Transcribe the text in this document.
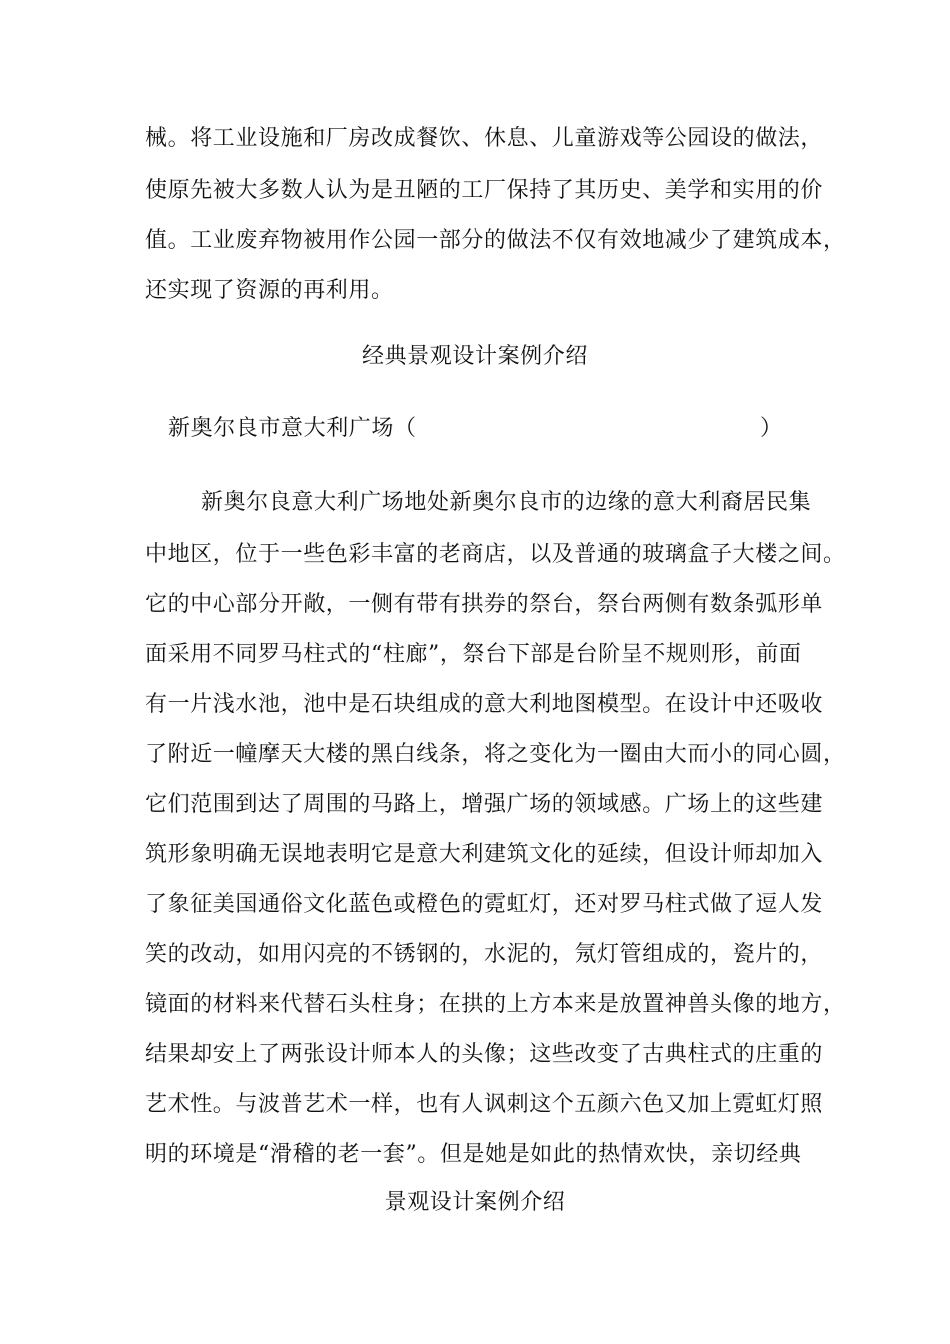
械。将工业设施和厂房改成餐饮、休息、儿童游戏等公园设的做法，
使原先被大多数人认为是丑陋的工厂保持了其历史、美学和实用的价
值。工业废弃物被用作公园一部分的做法不仅有效地减少了建筑成本，
还实现了资源的再利用。
经典景观设计案例介绍
新奥尔良市意大利广场（	）
新奥尔良意大利广场地处新奥尔良市的边缘的意大利裔居民集
中地区，位于一些色彩丰富的老商店，以及普通的玻璃盒子大楼之间。
它的中心部分开敞，一侧有带有拱券的祭台，祭台两侧有数条弧形单
面采用不同罗马柱式的“柱廊”，祭台下部是台阶呈不规则形，前面
有一片浅水池，池中是石块组成的意大利地图模型。在设计中还吸收
了附近一幢摩天大楼的黑白线条，将之变化为一圈由大而小的同心圆，
它们范围到达了周围的马路上，增强广场的领域感。广场上的这些建
筑形象明确无误地表明它是意大利建筑文化的延续，但设计师却加入
了象征美国通俗文化蓝色或橙色的霓虹灯，还对罗马柱式做了逗人发
笑的改动，如用闪亮的不锈钢的，水泥的，氖灯管组成的，瓷片的，
镜面的材料来代替石头柱身；在拱的上方本来是放置神兽头像的地方，
结果却安上了两张设计师本人的头像；这些改变了古典柱式的庄重的
艺术性。与波普艺术一样，也有人讽刺这个五颜六色又加上霓虹灯照
明的环境是“滑稽的老一套”。但是她是如此的热情欢快，亲切经典
景观设计案例介绍
